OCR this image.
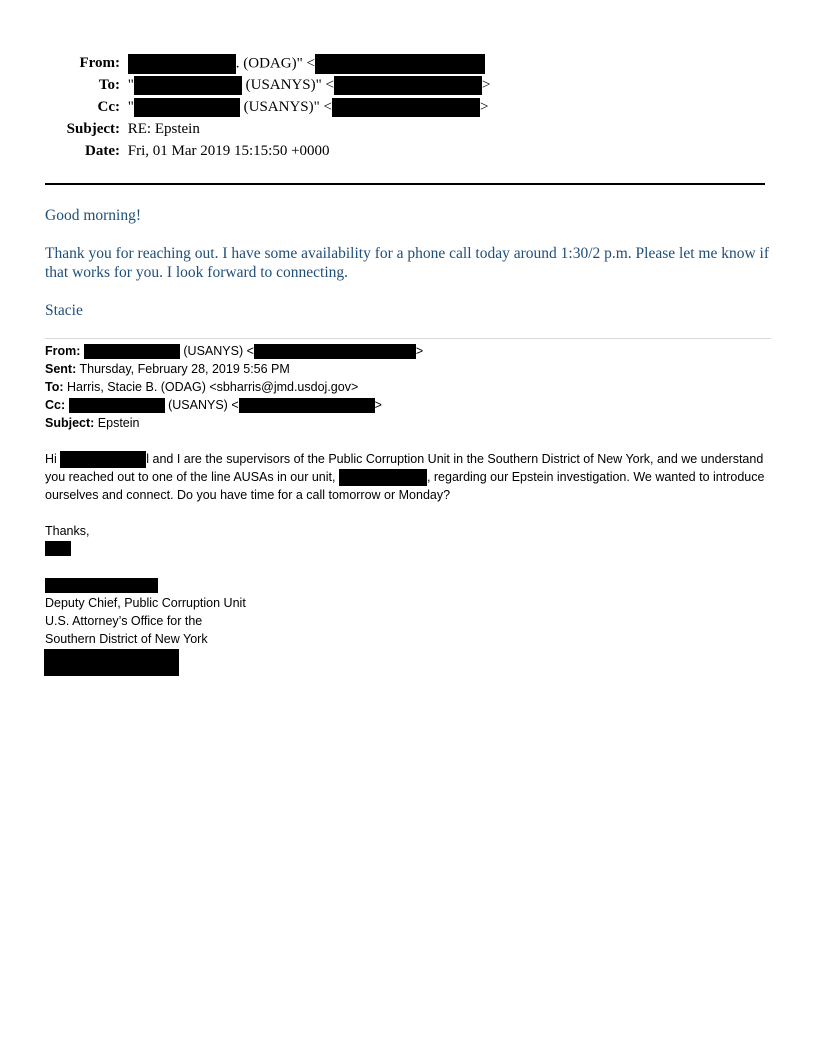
From:	. (ODAG)" <
To: "	(USANYS)" <	>
Cc: "	(USANYS)" <	>
Subject: RE: Epstein
Date: Fri, 01 Mar 2019 15:15:50 +0000
Good morning!
Thank you for reaching out. I have some availability for a phone call today around 1:30/2 p.m. Please let me know if that works for you. I look forward to connecting.
Stacie
From:	(USANYS) <	>
Sent: Thursday, February 28, 2019 5:56 PM
To: Harris, Stacie B. (ODAG) <sbharris@jmd.usdoj.gov>
Cc:	(USANYS) <	>
Subject: Epstein
Hi	l and I are the supervisors of the Public Corruption Unit in the Southern District of New York, and we understand you reached out to one of the line AUSAs in our unit,	, regarding our Epstein investigation. We wanted to introduce ourselves and connect. Do you have time for a call tomorrow or Monday?
Thanks,
Deputy Chief, Public Corruption Unit
U.S. Attorney’s Office for the
Southern District of New York
